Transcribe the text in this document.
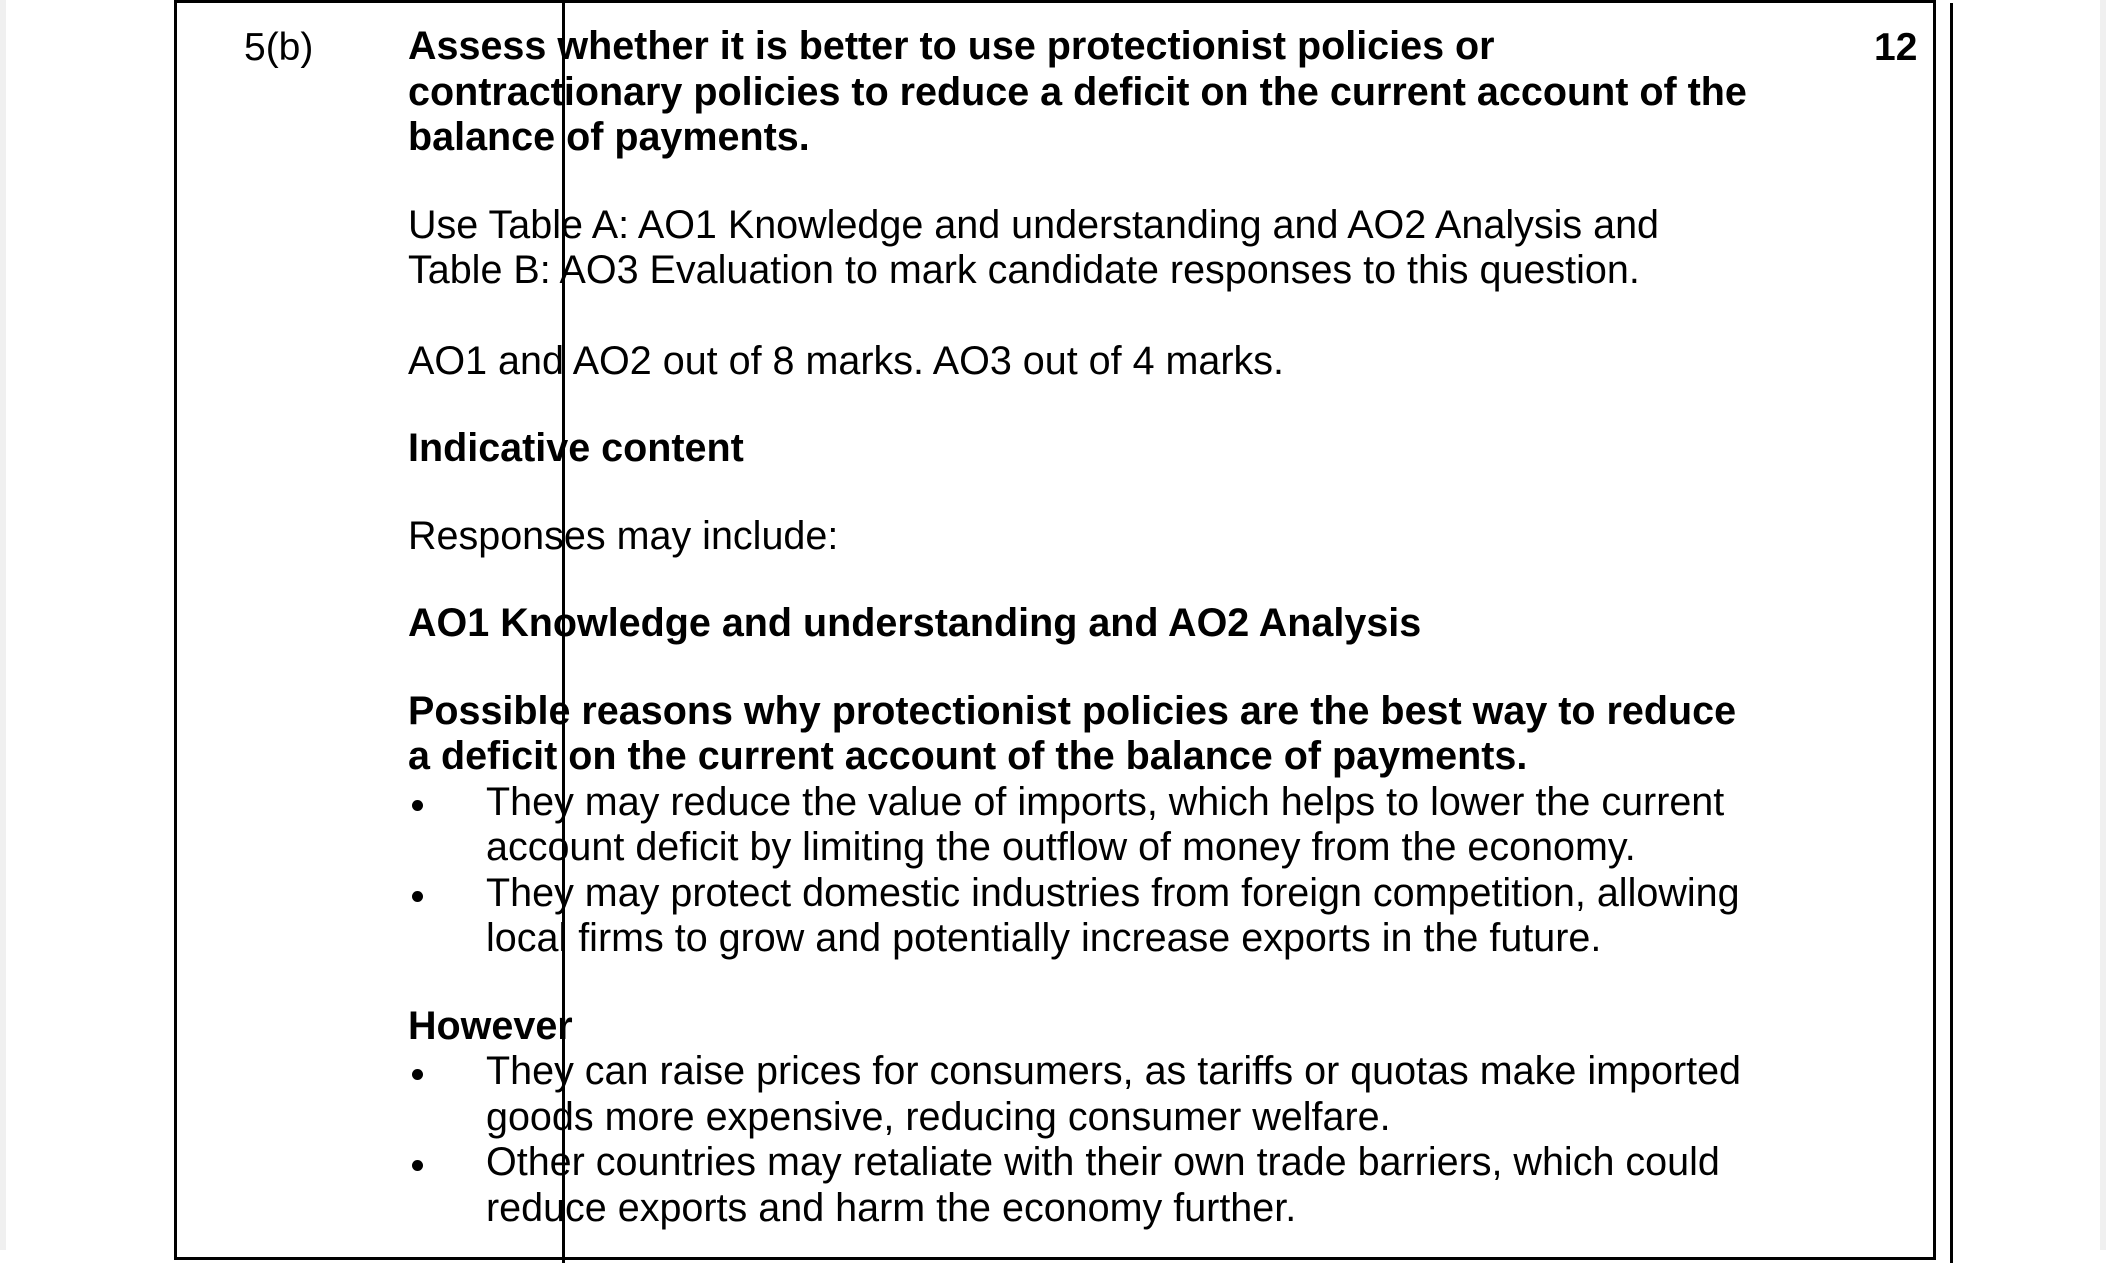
5(b)	12

Assess whether it is better to use protectionist policies or contractionary policies to reduce a deficit on the current account of the balance of payments.

Use Table A: AO1 Knowledge and understanding and AO2 Analysis and Table B: AO3 Evaluation to mark candidate responses to this question.

AO1 and AO2 out of 8 marks. AO3 out of 4 marks.

Indicative content

Responses may include:

AO1 Knowledge and understanding and AO2 Analysis

Possible reasons why protectionist policies are the best way to reduce a deficit on the current account of the balance of payments.

They may reduce the value of imports, which helps to lower the current account deficit by limiting the outflow of money from the economy.
They may protect domestic industries from foreign competition, allowing local firms to grow and potentially increase exports in the future.

However

They can raise prices for consumers, as tariffs or quotas make imported goods more expensive, reducing consumer welfare.
Other countries may retaliate with their own trade barriers, which could reduce exports and harm the economy further.
